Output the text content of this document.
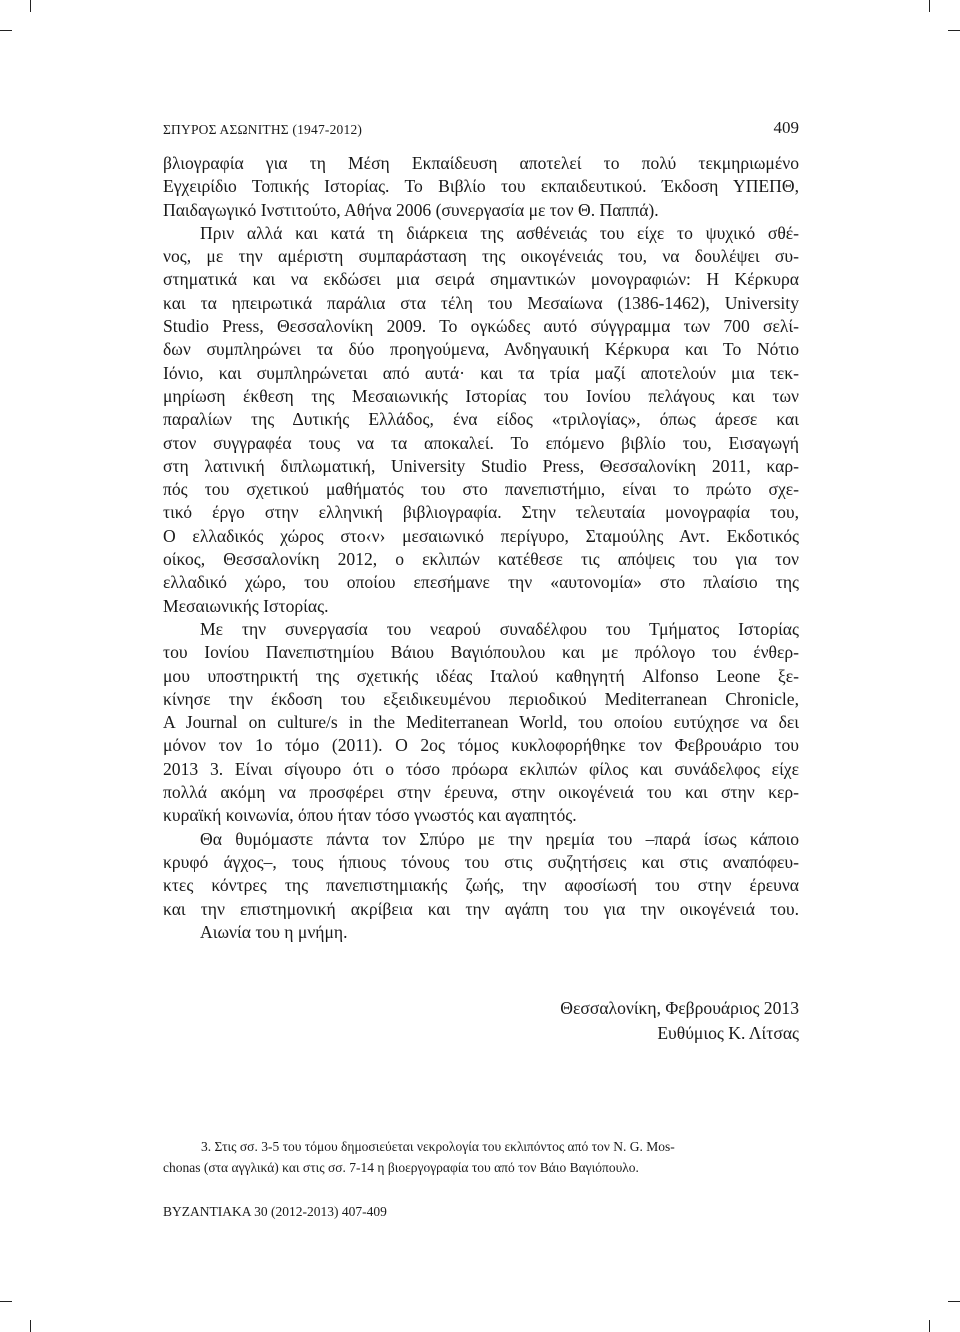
ΣΠΥΡΟΣ ΑΣΩΝΙΤΗΣ (1947-2012)	409
βλιογραφία για τη Μέση Εκπαίδευση αποτελεί το πολύ τεκμηριωμένο
Εγχειρίδιο Τοπικής Ιστορίας. Το Βιβλίο του εκπαιδευτικού. Έκδοση ΥΠΕΠΘ,
Παιδαγωγικό Ινστιτούτο, Αθήνα 2006 (συνεργασία με τον Θ. Παππά).
Πριν αλλά και κατά τη διάρκεια της ασθένειάς του είχε το ψυχικό σθέ-
νος, με την αμέριστη συμπαράσταση της οικογένειάς του, να δουλέψει συ-
στηματικά και να εκδώσει μια σειρά σημαντικών μονογραφιών: Η Κέρκυρα
και τα ηπειρωτικά παράλια στα τέλη του Μεσαίωνα (1386-1462), University
Studio Press, Θεσσαλονίκη 2009. Το ογκώδες αυτό σύγγραμμα των 700 σελί-
δων συμπληρώνει τα δύο προηγούμενα, Ανδηγαυική Κέρκυρα και Το Νότιο
Ιόνιο, και συμπληρώνεται από αυτά· και τα τρία μαζί αποτελούν μια τεκ-
μηρίωση έκθεση της Μεσαιωνικής Ιστορίας του Ιονίου πελάγους και των
παραλίων της Δυτικής Ελλάδος, ένα είδος «τριλογίας», όπως άρεσε και
στον συγγραφέα τους να τα αποκαλεί. Το επόμενο βιβλίο του, Εισαγωγή
στη λατινική διπλωματική, University Studio Press, Θεσσαλονίκη 2011, καρ-
πός του σχετικού μαθήματός του στο πανεπιστήμιο, είναι το πρώτο σχε-
τικό έργο στην ελληνική βιβλιογραφία. Στην τελευταία μονογραφία του,
Ο ελλαδικός χώρος στο‹ν› μεσαιωνικό περίγυρο, Σταμούλης Αντ. Εκδοτικός
οίκος, Θεσσαλονίκη 2012, ο εκλιπών κατέθεσε τις απόψεις του για τον
ελλαδικό χώρο, του οποίου επεσήμανε την «αυτονομία» στο πλαίσιο της
Μεσαιωνικής Ιστορίας.
Με την συνεργασία του νεαρού συναδέλφου του Τμήματος Ιστορίας
του Ιονίου Πανεπιστημίου Βάιου Βαγιόπουλου και με πρόλογο του ένθερ-
μου υποστηρικτή της σχετικής ιδέας Ιταλού καθηγητή Alfonso Leone ξε-
κίνησε την έκδοση του εξειδικευμένου περιοδικού Mediterranean Chronicle,
A Journal on culture/s in the Mediterranean World, του οποίου ευτύχησε να δει
μόνον τον 1ο τόμο (2011). Ο 2ος τόμος κυκλοφορήθηκε τον Φεβρουάριο του
2013 3. Είναι σίγουρο ότι ο τόσο πρόωρα εκλιπών φίλος και συνάδελφος είχε
πολλά ακόμη να προσφέρει στην έρευνα, στην οικογένειά του και στην κερ-
κυραϊκή κοινωνία, όπου ήταν τόσο γνωστός και αγαπητός.
Θα θυμόμαστε πάντα τον Σπύρο με την ηρεμία του –παρά ίσως κάποιο
κρυφό άγχος–, τους ήπιους τόνους του στις συζητήσεις και στις αναπόφευ-
κτες κόντρες της πανεπιστημιακής ζωής, την αφοσίωσή του στην έρευνα
και την επιστημονική ακρίβεια και την αγάπη του για την οικογένειά του.
Αιωνία του η μνήμη.
Θεσσαλονίκη, Φεβρουάριος 2013
Ευθύμιος Κ. Λίτσας
3. Στις σσ. 3-5 του τόμου δημοσιεύεται νεκρολογία του εκλιπόντος από τον N. G. Mos-
chonas (στα αγγλικά) και στις σσ. 7-14 η βιοεργογραφία του από τον Βάιο Βαγιόπουλο.
ΒΥΖΑΝΤΙΑΚΑ 30 (2012-2013) 407-409
